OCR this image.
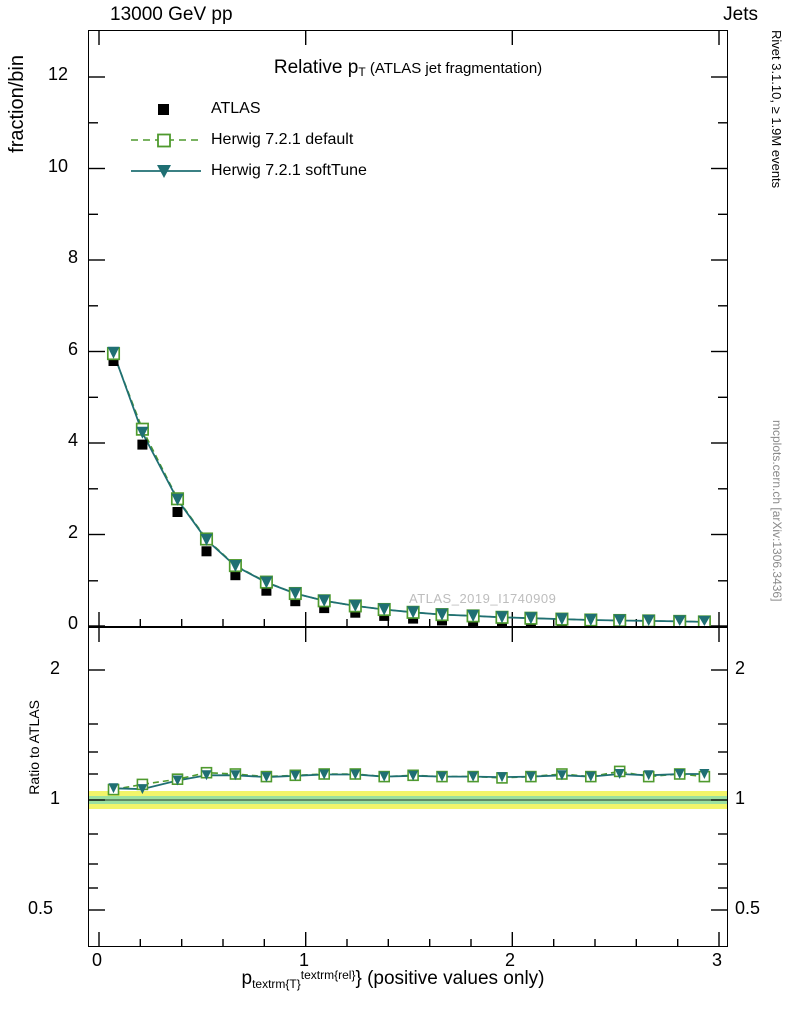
13000 GeV pp	Jets
Rivet 3.1.10, ≥ 1.9M events
mcplots.cern.ch [arXiv:1306.3436]
fraction/bin	Relative pT (ATLAS jet fragmentation)
ATLAS
Herwig 7.2.1 default
Herwig 7.2.1 softTune
ATLAS_2019_I1740909
0
2
4
6
8
10
12
Ratio to ATLAS
2
1
0.5
2
1
0.5
0	1	2	3
$p_{textrm\{T\}}^{textrm\{rel\}}$} (positive values only)
